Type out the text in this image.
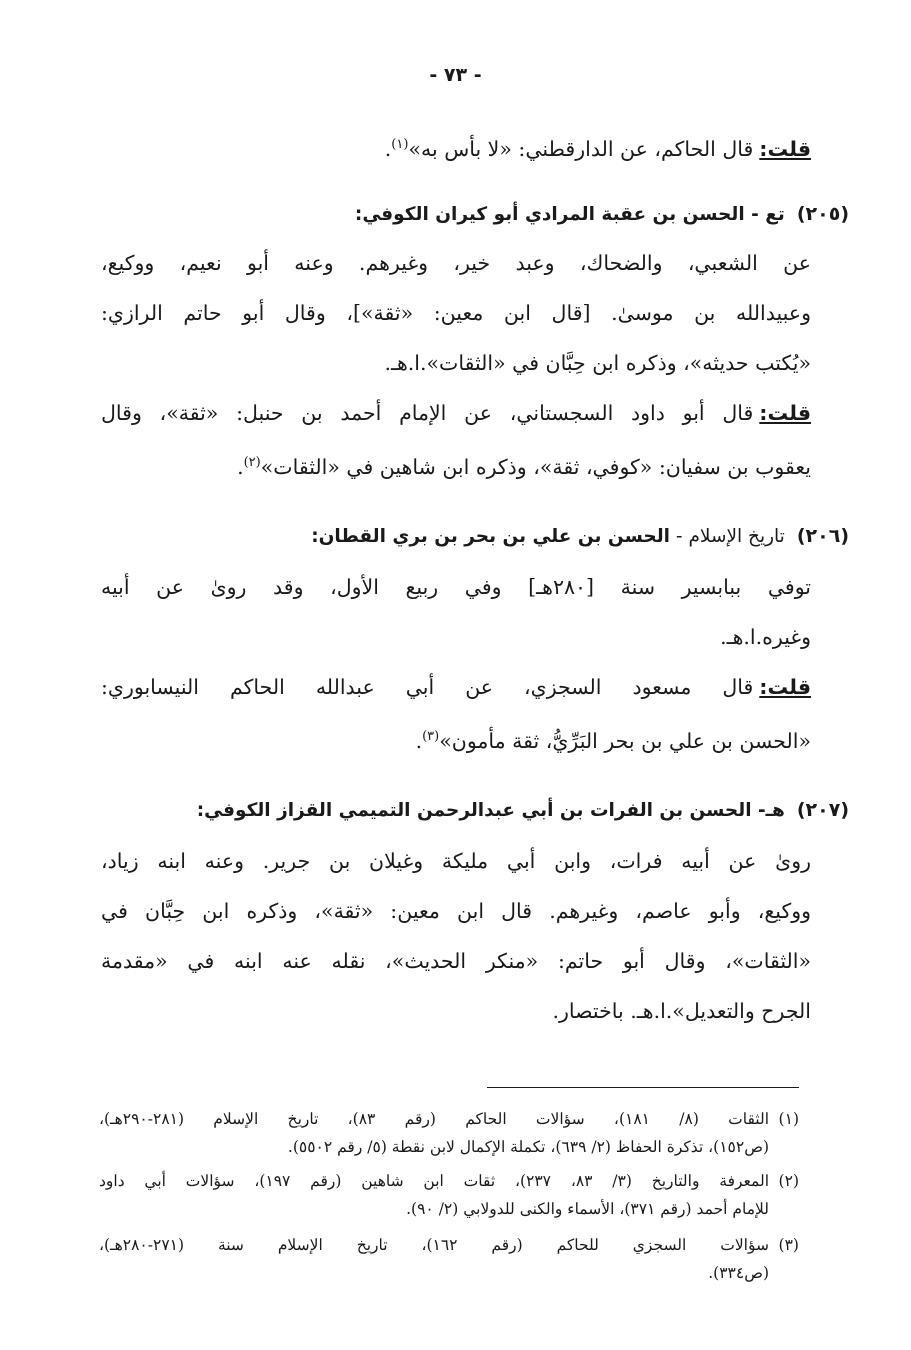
- ٧٣ -
قلت:قال الحاكم، عن الدارقطني: «لا بأس به»$^{(١)}$.
(٢٠٥)تع - الحسن بن عقبة المرادي أبو كيران الكوفي:
عن الشعبي، والضحاك، وعبد خير، وغيرهم. وعنه أبو نعيم، ووكيع،
وعبيدالله بن موسىٰ. [قال ابن معين: «ثقة»]، وقال أبو حاتم الرازي:
«يُكتب حديثه»، وذكره ابن حِبَّان في «الثقات».ا.هـ.
قلت:قال أبو داود السجستاني، عن الإمام أحمد بن حنبل: «ثقة»، وقال
يعقوب بن سفيان: «كوفي، ثقة»، وذكره ابن شاهين في «الثقات»$^{(٢)}$.
(٢٠٦)تاريخ الإسلام - الحسن بن علي بن بحر بن بري القطان:
توفي ببابسير سنة [٢٨٠هـ] وفي ربيع الأول، وقد روىٰ عن أبيه
وغيره.ا.هـ.
قلت:قال مسعود السجزي، عن أبي عبدالله الحاكم النيسابوري:
«الحسن بن علي بن بحر البَرِّيُّ، ثقة مأمون»$^{(٣)}$.
(٢٠٧)هـ- الحسن بن الفرات بن أبي عبدالرحمن التميمي القزاز الكوفي:
روىٰ عن أبيه فرات، وابن أبي مليكة وغيلان بن جرير. وعنه ابنه زياد،
ووكيع، وأبو عاصم، وغيرهم. قال ابن معين: «ثقة»، وذكره ابن حِبَّان في
«الثقات»، وقال أبو حاتم: «منكر الحديث»، نقله عنه ابنه في «مقدمة
الجرح والتعديل».ا.هـ. باختصار.
(١)الثقات (٨/ ١٨١)، سؤالات الحاكم (رقم ٨٣)، تاريخ الإسلام (٢٨١-٢٩٠هـ)،
(ص١٥٢)، تذكرة الحفاظ (٢/ ٦٣٩)، تكملة الإكمال لابن نقطة (٥/ رقم ٥٥٠٢).
(٢)المعرفة والتاريخ (٣/ ٨٣، ٢٣٧)، ثقات ابن شاهين (رقم ١٩٧)، سؤالات أبي داود
للإمام أحمد (رقم ٣٧١)، الأسماء والكنى للدولابي (٢/ ٩٠).
(٣)سؤالات السجزي للحاكم (رقم ١٦٢)، تاريخ الإسلام سنة (٢٧١-٢٨٠هـ)،
(ص٣٣٤).
